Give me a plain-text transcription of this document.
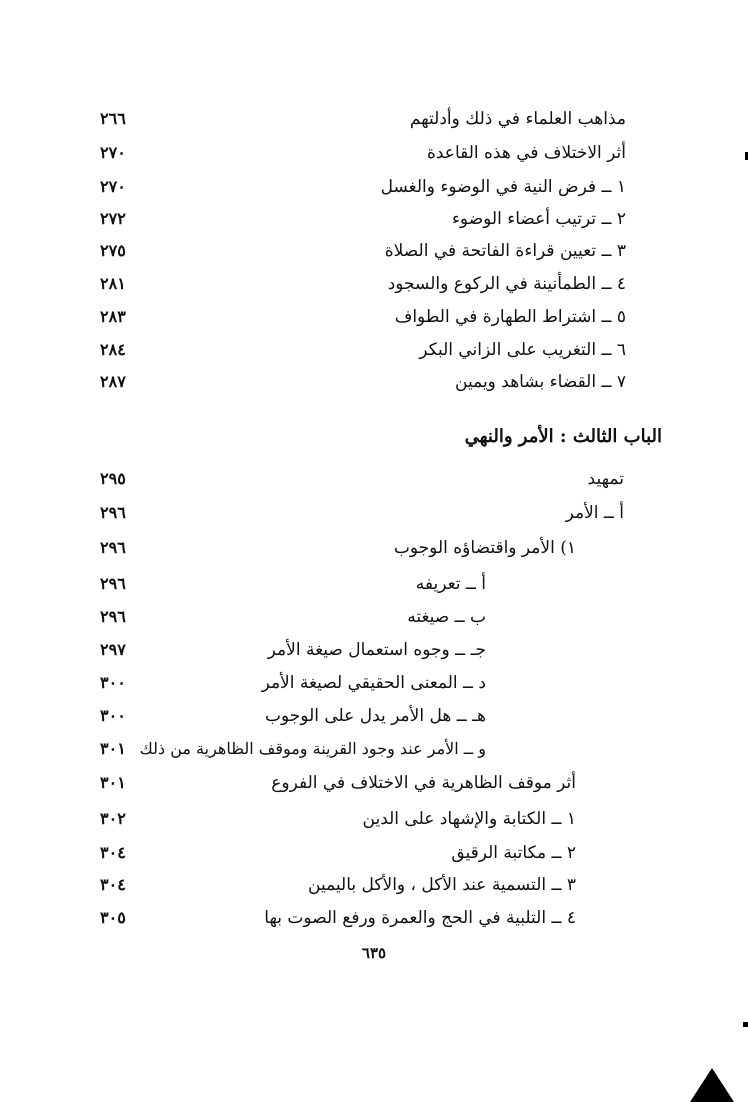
مذاهب العلماء في ذلك وأدلتهم
٢٦٦
أثر الاختلاف في هذه القاعدة
٢٧٠
١ ــ فرض النية في الوضوء والغسل
٢٧٠
٢ ــ ترتيب أعضاء الوضوء
٢٧٢
٣ ــ تعيين قراءة الفاتحة في الصلاة
٢٧٥
٤ ــ الطمأنينة في الركوع والسجود
٢٨١
٥ ــ اشتراط الطهارة في الطواف
٢٨٣
٦ ــ التغريب على الزاني البكر
٢٨٤
٧ ــ القضاء بشاهد ويمين
٢٨٧
الباب الثالث : الأمر والنهي
تمهيد
٢٩٥
أ ــ الأمر
٢٩٦
١) الأمر واقتضاؤه الوجوب
٢٩٦
أ ــ تعريفه
٢٩٦
ب ــ صيغته
٢٩٦
جـ ــ وجوه استعمال صيغة الأمر
٢٩٧
د ــ المعنى الحقيقي لصيغة الأمر
٣٠٠
هـ ــ هل الأمر يدل على الوجوب
٣٠٠
و ــ الأمر عند وجود القرينة وموقف الظاهرية من ذلك
٣٠١
أثر موقف الظاهرية في الاختلاف في الفروع
٣٠١
١ ــ الكتابة والإشهاد على الدين
٣٠٢
٢ ــ مكاتبة الرقيق
٣٠٤
٣ ــ التسمية عند الأكل ، والأكل باليمين
٣٠٤
٤ ــ التلبية في الحج والعمرة ورفع الصوت بها
٣٠٥
٦٣٥
